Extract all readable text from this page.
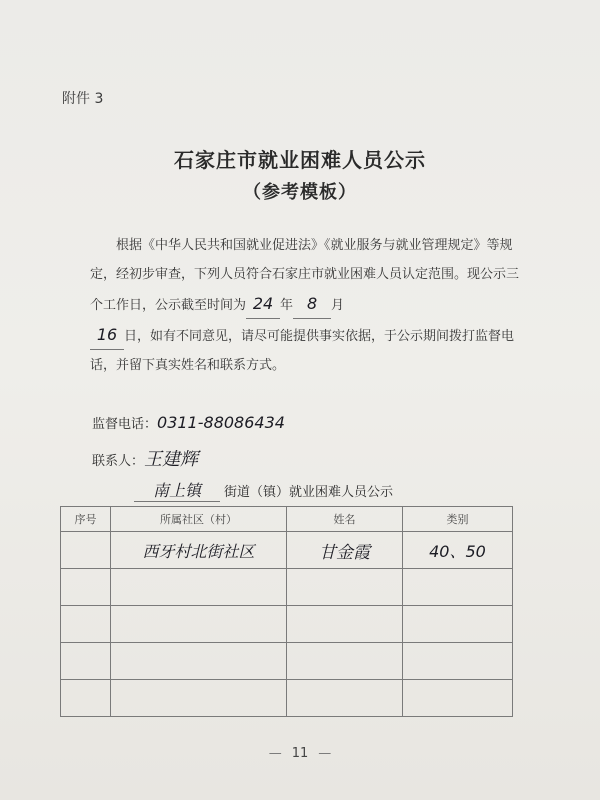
附件 3
石家庄市就业困难人员公示
（参考模板）
根据《中华人民共和国就业促进法》《就业服务与就业管理规定》等规定，经初步审查，下列人员符合石家庄市就业困难人员认定范围。现公示三个工作日，公示截至时间为 24 年 8 月
16 日，如有不同意见，请尽可能提供事实依据，于公示期间拨打监督电话，并留下真实姓名和联系方式。
监督电话：0311-88086434
联系人：王建辉
南上镇 街道（镇）就业困难人员公示
序号	所属社区（村）	姓名	类别
	西牙村北街社区	甘金霞	40、50

— 11 —
